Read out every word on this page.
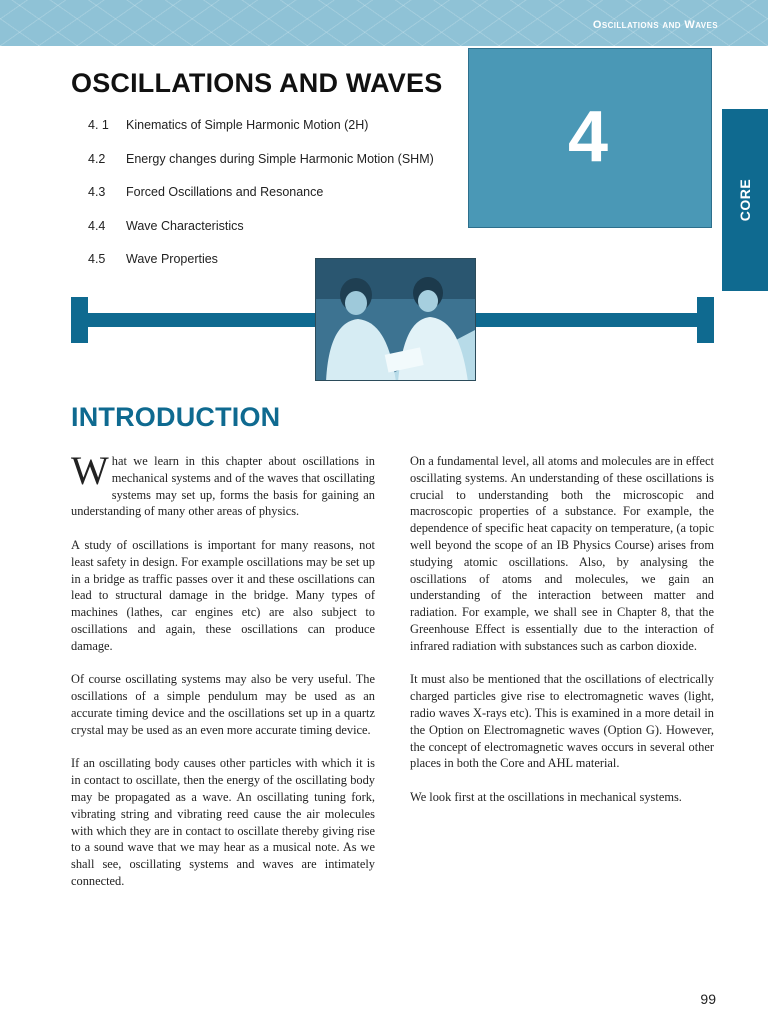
Oscillations and Waves
OSCILLATIONS AND WAVES
4. 1	Kinematics of Simple Harmonic Motion (2H)
4.2	Energy changes during Simple Harmonic Motion (SHM)
4.3	Forced Oscillations and Resonance
4.4	Wave Characteristics
4.5	Wave Properties
4
CORE
INTRODUCTION

What we learn in this chapter about oscillations in mechanical systems and of the waves that oscillating systems may set up, forms the basis for gaining an understanding of many other areas of physics.

A study of oscillations is important for many reasons, not least safety in design. For example oscillations may be set up in a bridge as traffic passes over it and these oscillations can lead to structural damage in the bridge. Many types of machines (lathes, car engines etc) are also subject to oscillations and again, these oscillations can produce damage.

Of course oscillating systems may also be very useful. The oscillations of a simple pendulum may be used as an accurate timing device and the oscillations set up in a quartz crystal may be used as an even more accurate timing device.

If an oscillating body causes other particles with which it is in contact to oscillate, then the energy of the oscillating body may be propagated as a wave. An oscillating tuning fork, vibrating string and vibrating reed cause the air molecules with which they are in contact to oscillate thereby giving rise to a sound wave that we may hear as a musical note. As we shall see, oscillating systems and waves are intimately connected.

On a fundamental level, all atoms and molecules are in effect oscillating systems. An understanding of these oscillations is crucial to understanding both the microscopic and macroscopic properties of a substance. For example, the dependence of specific heat capacity on temperature, (a topic well beyond the scope of an IB Physics Course) arises from studying atomic oscillations. Also, by analysing the oscillations of atoms and molecules, we gain an understanding of the interaction between matter and radiation. For example, we shall see in Chapter 8, that the Greenhouse Effect is essentially due to the interaction of infrared radiation with substances such as carbon dioxide.

It must also be mentioned that the oscillations of electrically charged particles give rise to electromagnetic waves (light, radio waves X-rays etc). This is examined in a more detail in the Option on Electromagnetic waves (Option G). However, the concept of electromagnetic waves occurs in several other places in both the Core and AHL material.

We look first at the oscillations in mechanical systems.

99
